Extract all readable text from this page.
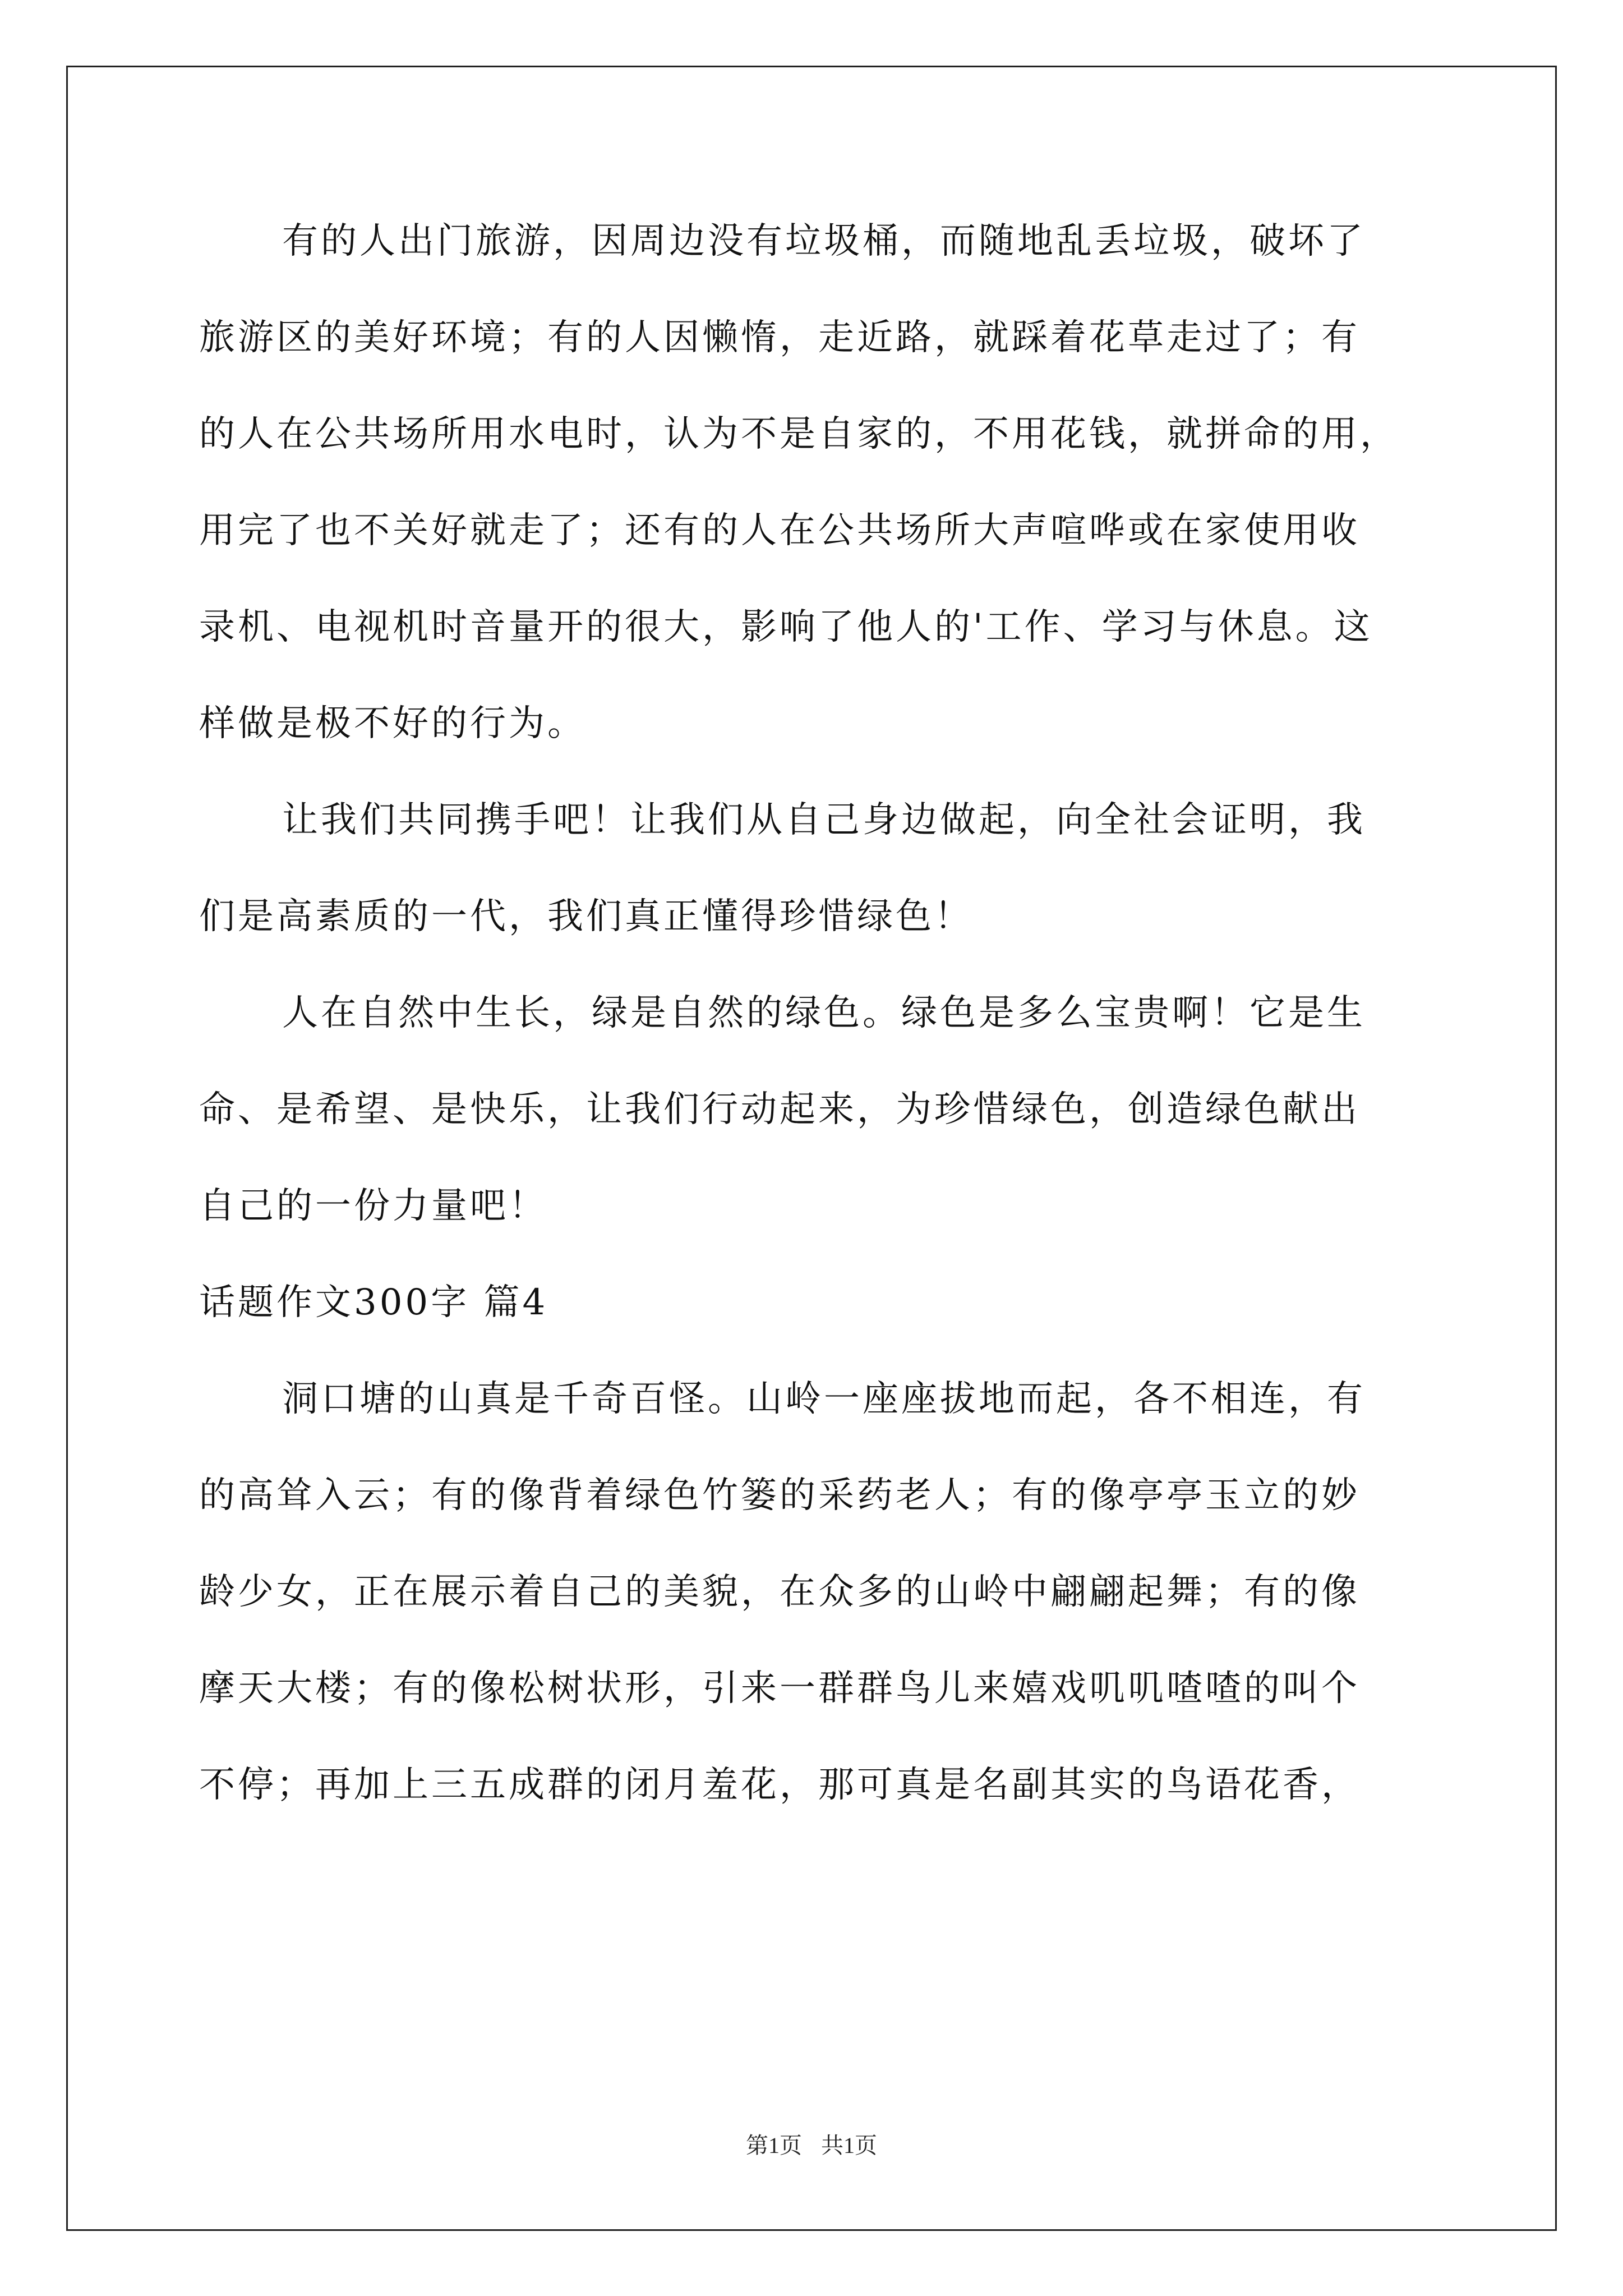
有的人出门旅游，因周边没有垃圾桶，而随地乱丢垃圾，破坏了
旅游区的美好环境；有的人因懒惰，走近路，就踩着花草走过了；有
的人在公共场所用水电时，认为不是自家的，不用花钱，就拼命的用，
用完了也不关好就走了；还有的人在公共场所大声喧哗或在家使用收
录机、电视机时音量开的很大，影响了他人的'工作、学习与休息。这
样做是极不好的行为。
让我们共同携手吧！让我们从自己身边做起，向全社会证明，我
们是高素质的一代，我们真正懂得珍惜绿色！
人在自然中生长，绿是自然的绿色。绿色是多么宝贵啊！它是生
命、是希望、是快乐，让我们行动起来，为珍惜绿色，创造绿色献出
自己的一份力量吧！
话题作文300字 篇4
洞口塘的山真是千奇百怪。山岭一座座拔地而起，各不相连，有
的高耸入云；有的像背着绿色竹篓的采药老人；有的像亭亭玉立的妙
龄少女，正在展示着自己的美貌，在众多的山岭中翩翩起舞；有的像
摩天大楼；有的像松树状形，引来一群群鸟儿来嬉戏叽叽喳喳的叫个
不停；再加上三五成群的闭月羞花，那可真是名副其实的鸟语花香，
第1页 共1页
